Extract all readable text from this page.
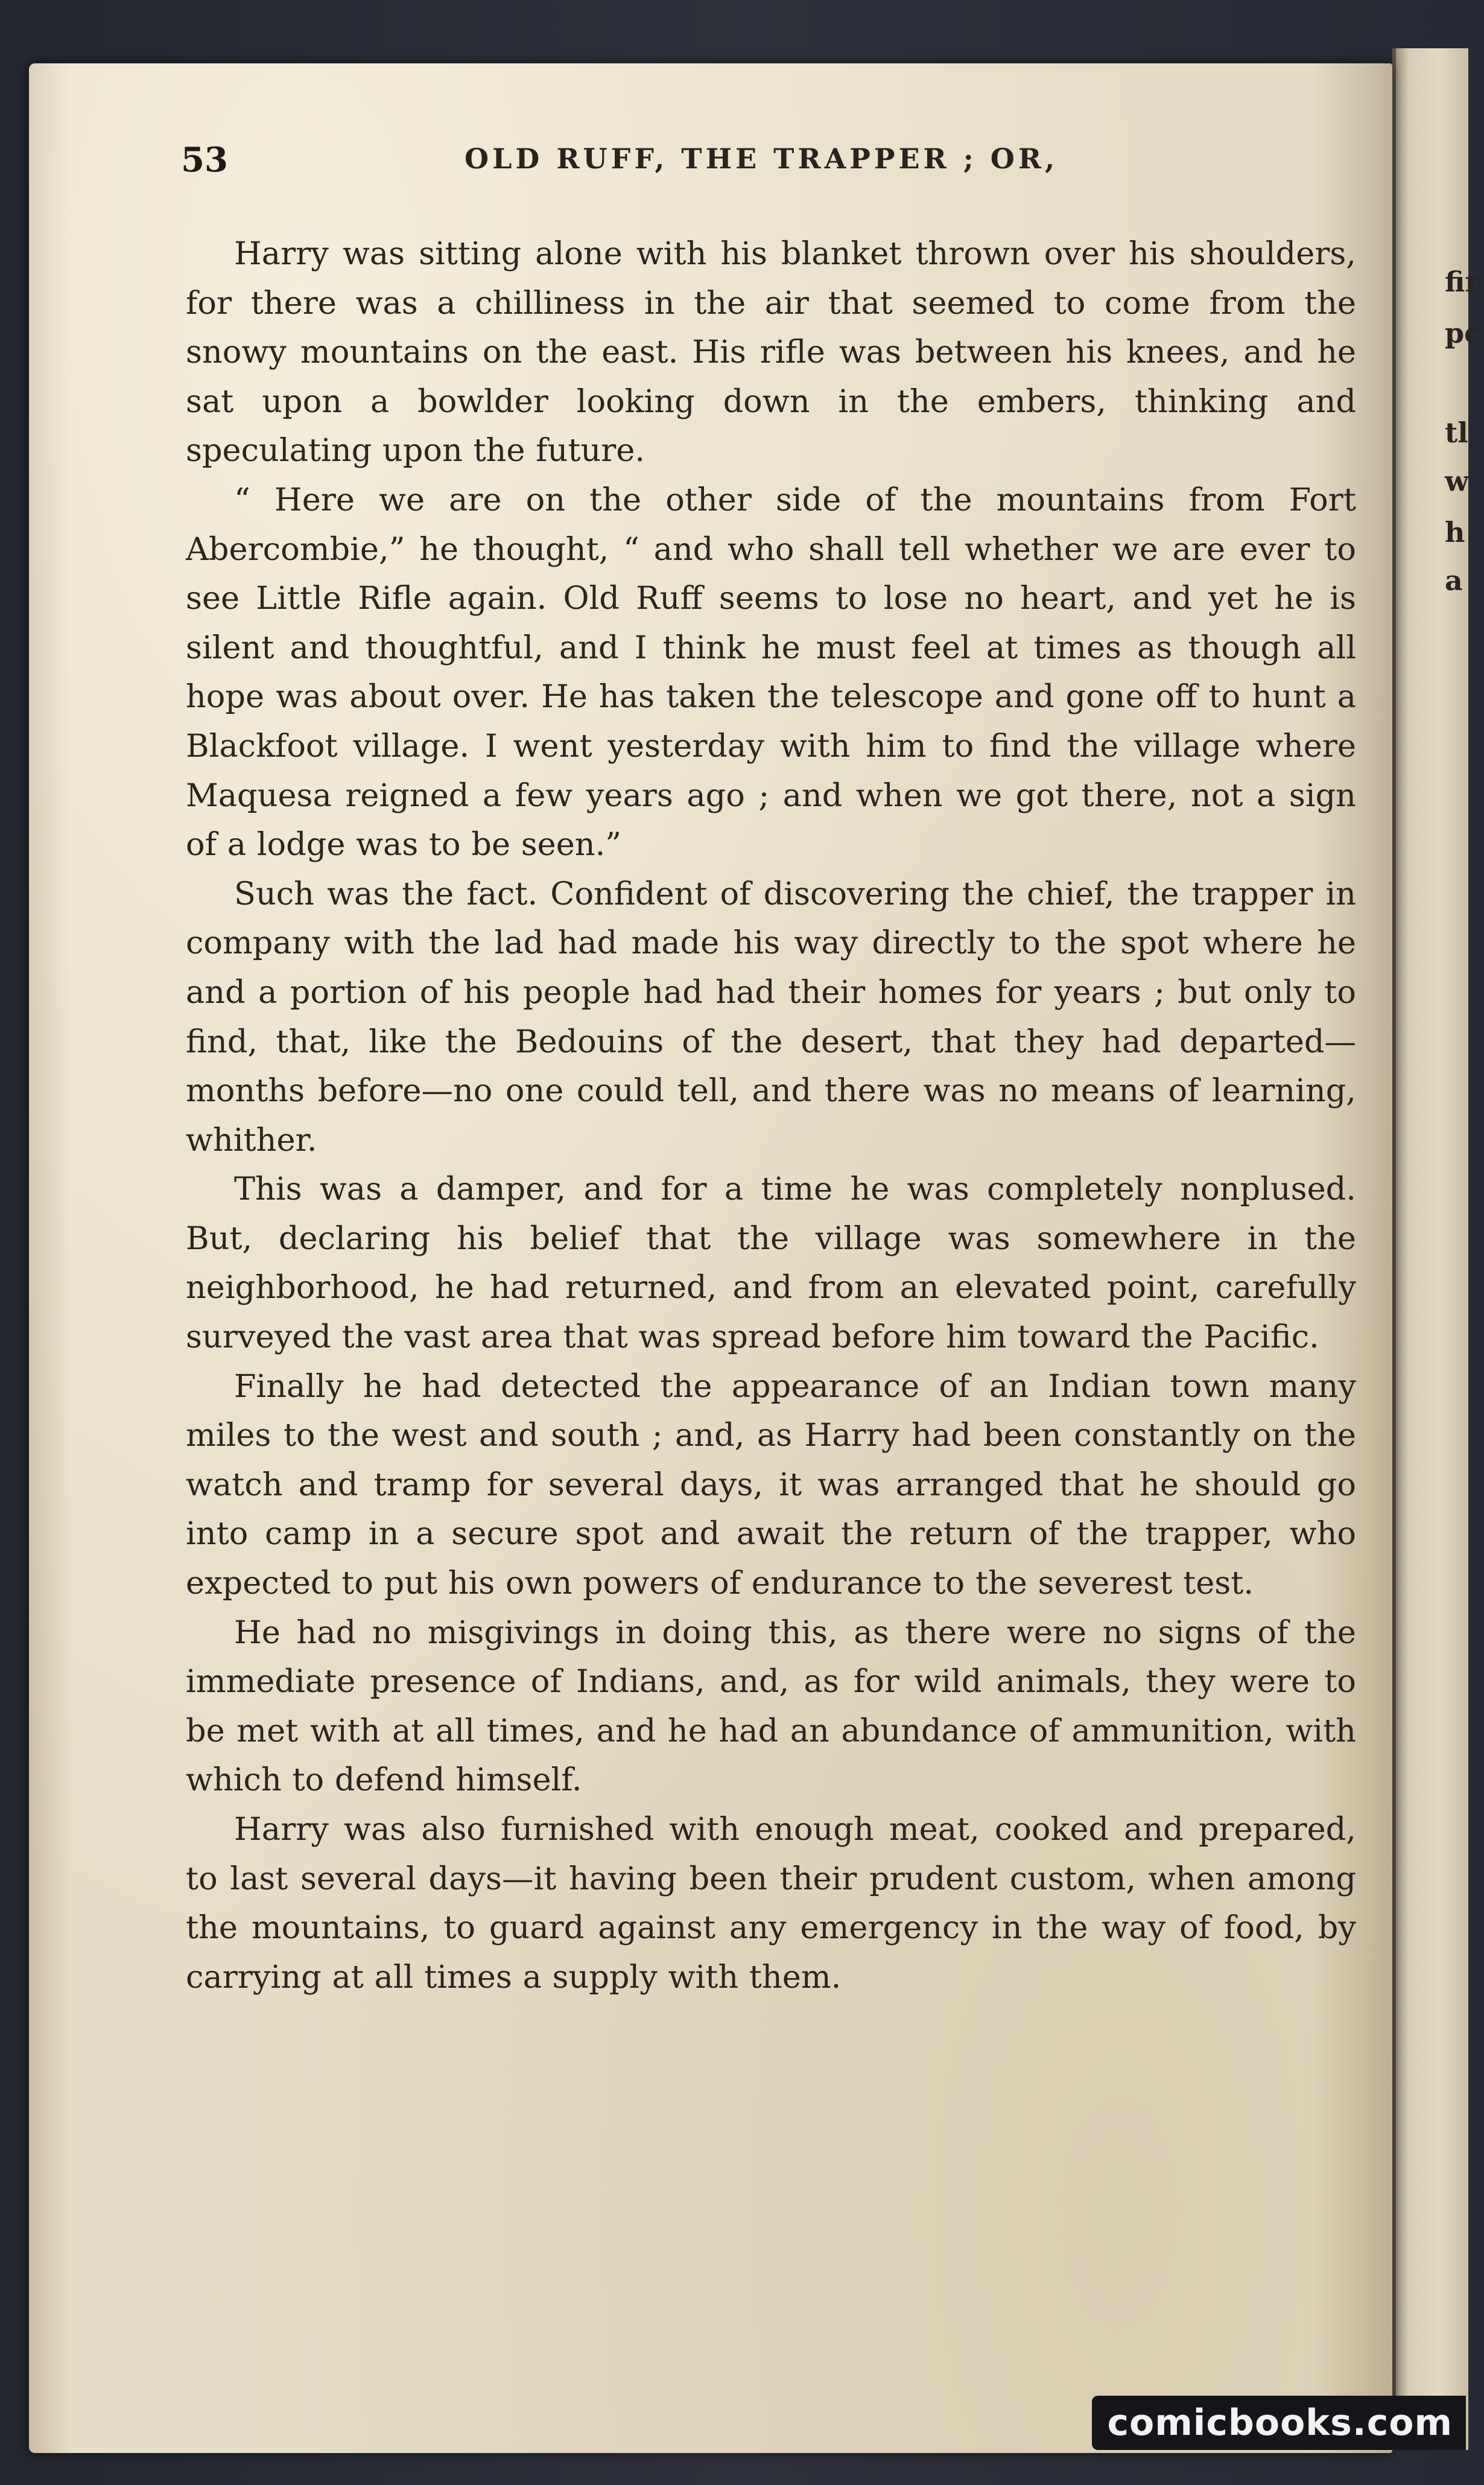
fir
pc
tl
w
h
a
53	OLD RUFF, THE TRAPPER ; OR,

Harry was sitting alone with his blanket thrown over his shoulders, for there was a chilliness in the air that seemed to come from the snowy mountains on the east. His rifle was between his knees, and he sat upon a bowlder looking down in the embers, thinking and speculating upon the future.

“ Here we are on the other side of the mountains from Fort Abercombie,” he thought, “ and who shall tell whether we are ever to see Little Rifle again. Old Ruff seems to lose no heart, and yet he is silent and thoughtful, and I think he must feel at times as though all hope was about over. He has taken the telescope and gone off to hunt a Blackfoot village. I went yesterday with him to find the village where Maquesa reigned a few years ago ; and when we got there, not a sign of a lodge was to be seen.”

Such was the fact. Confident of discovering the chief, the trapper in company with the lad had made his way directly to the spot where he and a portion of his people had had their homes for years ; but only to find, that, like the Bedouins of the desert, that they had departed—months before—no one could tell, and there was no means of learning, whither.

This was a damper, and for a time he was completely nonplused. But, declaring his belief that the village was somewhere in the neighborhood, he had returned, and from an elevated point, carefully surveyed the vast area that was spread before him toward the Pacific.

Finally he had detected the appearance of an Indian town many miles to the west and south ; and, as Harry had been constantly on the watch and tramp for several days, it was arranged that he should go into camp in a secure spot and await the return of the trapper, who expected to put his own powers of endurance to the severest test.

He had no misgivings in doing this, as there were no signs of the immediate presence of Indians, and, as for wild animals, they were to be met with at all times, and he had an abundance of ammunition, with which to defend himself.

Harry was also furnished with enough meat, cooked and prepared, to last several days—it having been their prudent custom, when among the mountains, to guard against any emergency in the way of food, by carrying at all times a supply with them.

comicbooks.com
